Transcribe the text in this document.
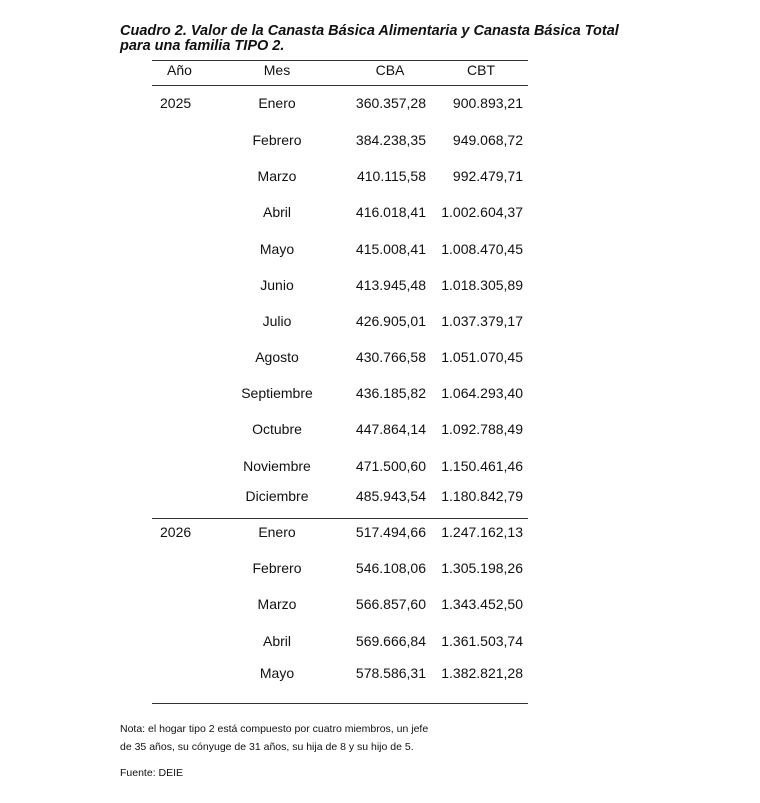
Cuadro 2. Valor de la Canasta Básica Alimentaria y Canasta Básica Total
para una familia TIPO 2.
Año	Mes	CBA	CBT
2025	Enero	360.357,28	900.893,21
Febrero	384.238,35	949.068,72
Marzo	410.115,58	992.479,71
Abril	416.018,41	1.002.604,37
Mayo	415.008,41	1.008.470,45
Junio	413.945,48	1.018.305,89
Julio	426.905,01	1.037.379,17
Agosto	430.766,58	1.051.070,45
Septiembre	436.185,82	1.064.293,40
Octubre	447.864,14	1.092.788,49
Noviembre	471.500,60	1.150.461,46
Diciembre	485.943,54	1.180.842,79
2026	Enero	517.494,66	1.247.162,13
Febrero	546.108,06	1.305.198,26
Marzo	566.857,60	1.343.452,50
Abril	569.666,84	1.361.503,74
Mayo	578.586,31	1.382.821,28
Nota: el hogar tipo 2 está compuesto por cuatro miembros, un jefe
de 35 años, su cónyuge de 31 años, su hija de 8 y su hijo de 5.
Fuente: DEIE
